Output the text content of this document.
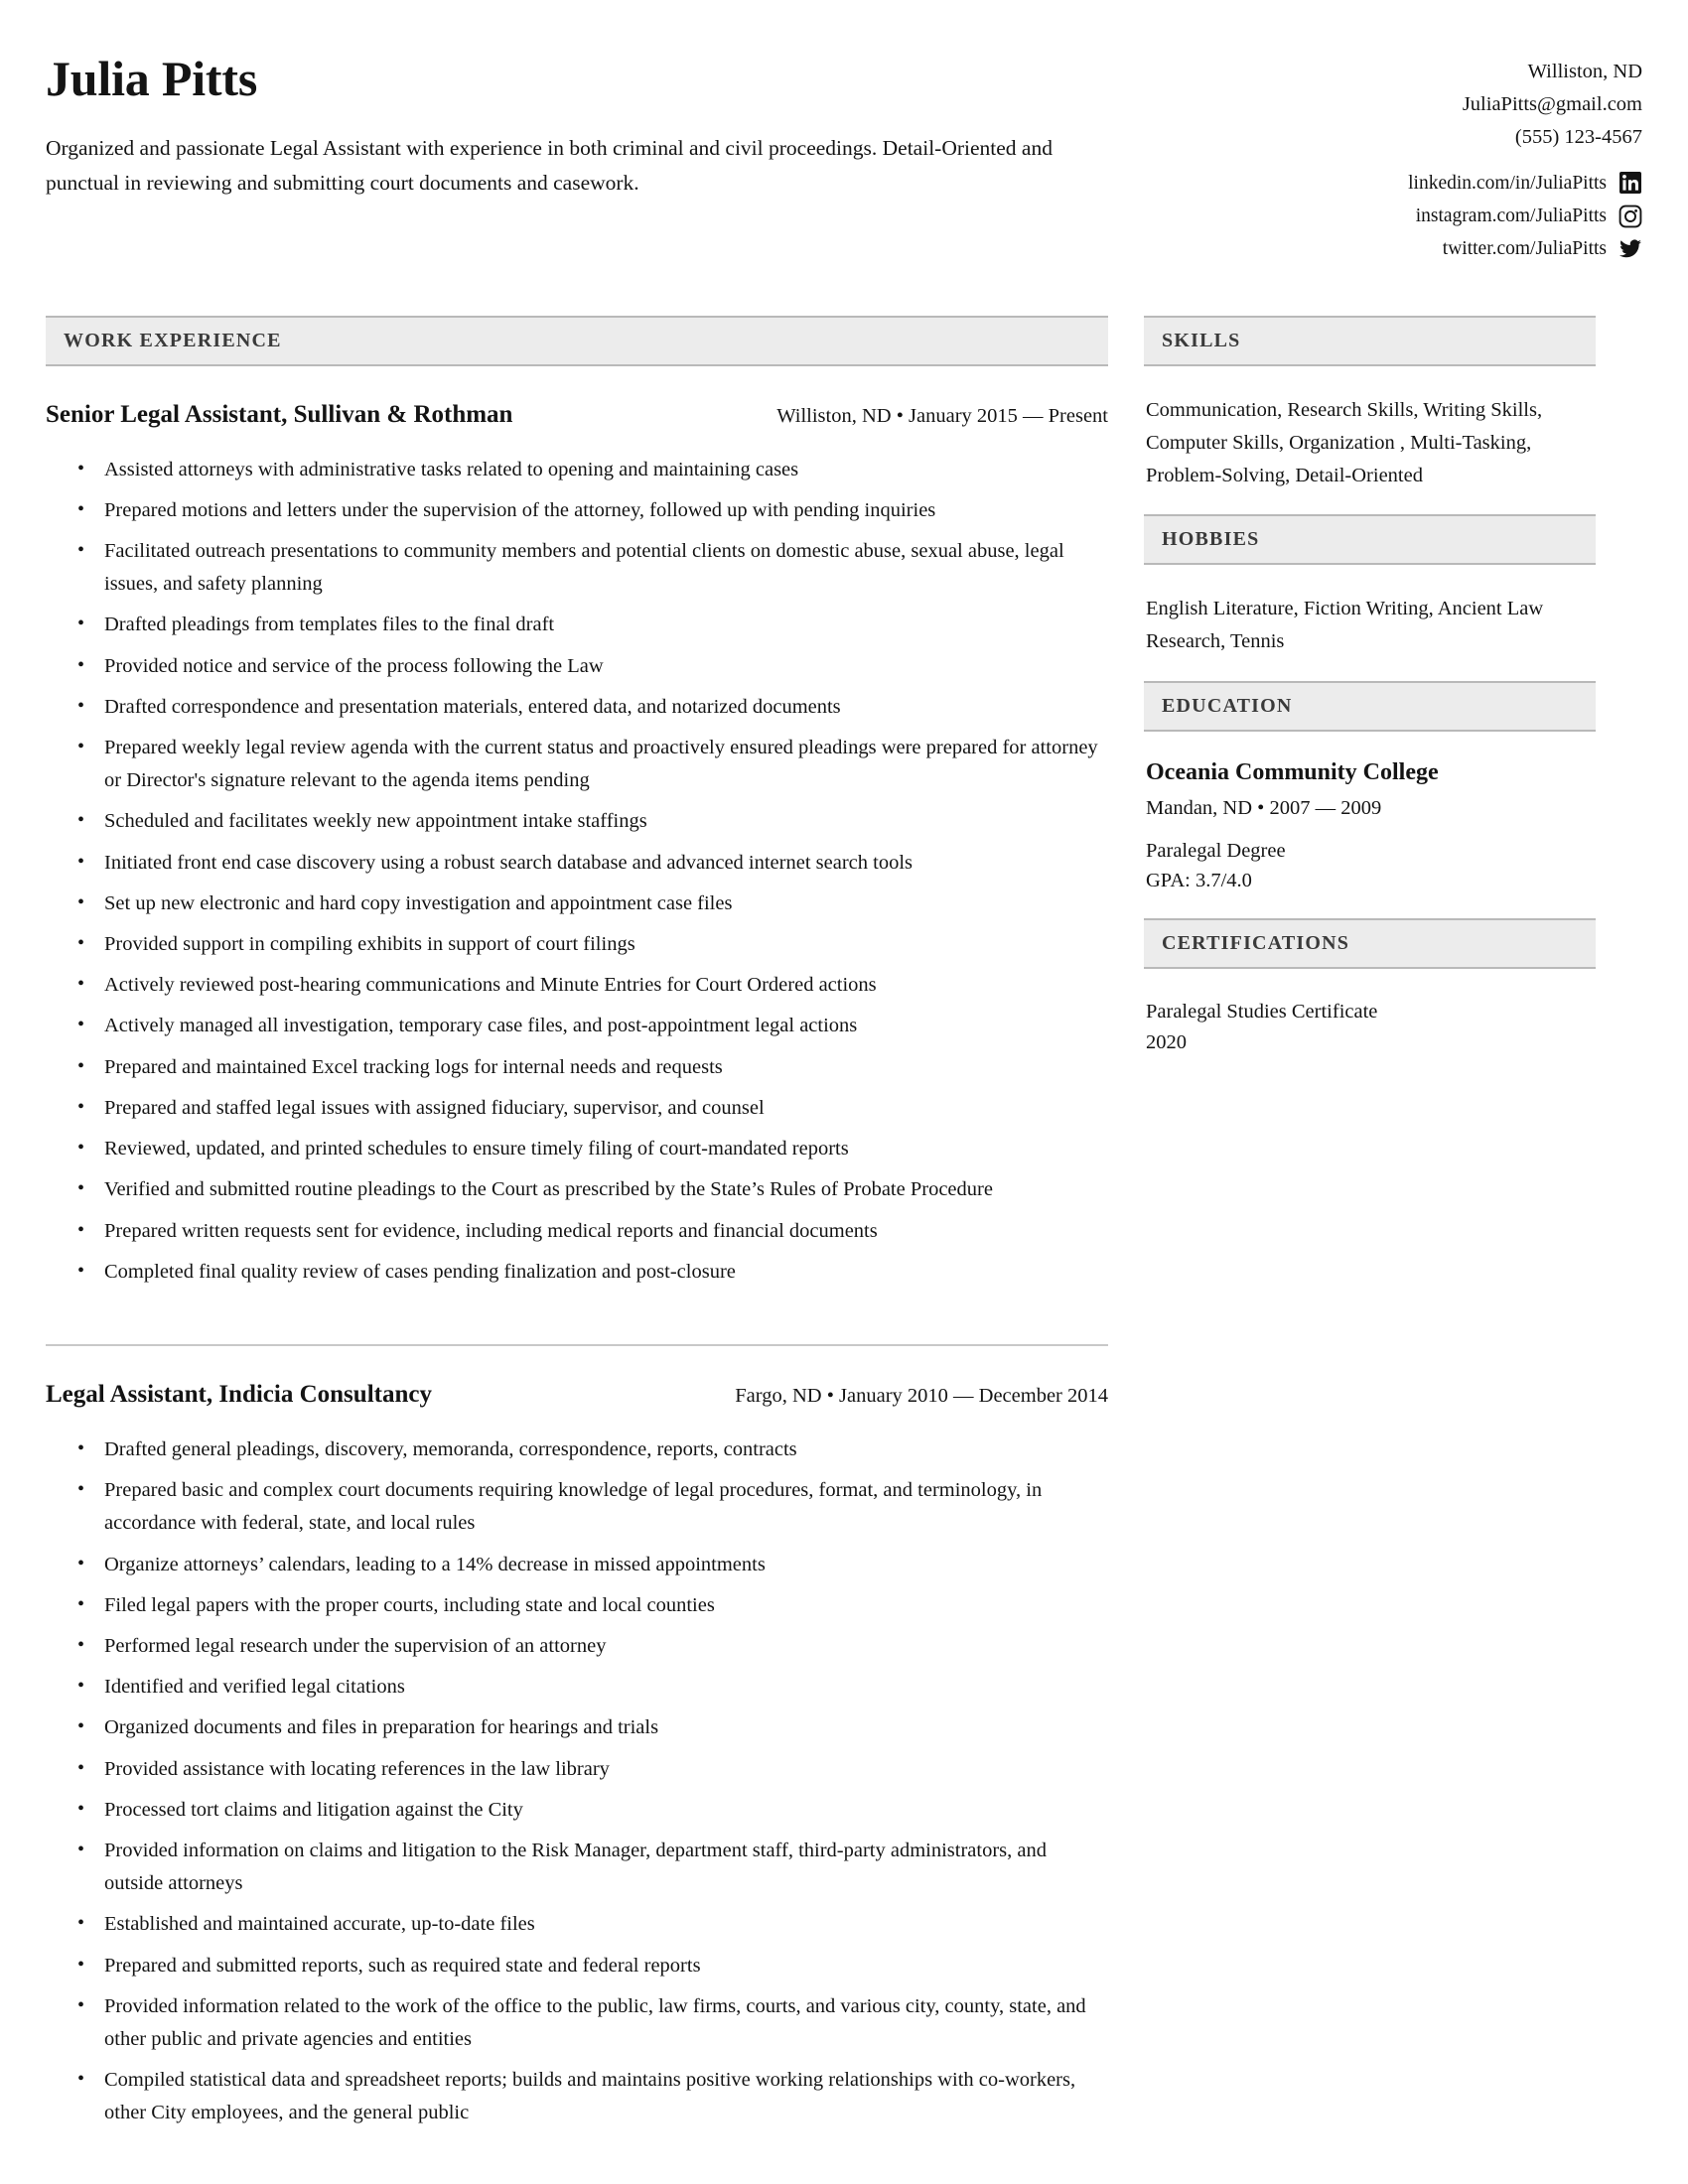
Julia Pitts

Organized and passionate Legal Assistant with experience in both criminal and civil proceedings. Detail-Oriented and punctual in reviewing and submitting court documents and casework.

Williston, ND
JuliaPitts@gmail.com
(555) 123-4567
linkedin.com/in/JuliaPitts
instagram.com/JuliaPitts
twitter.com/JuliaPitts
WORK EXPERIENCE
Senior Legal Assistant, Sullivan & Rothman	Williston, ND • January 2015 — Present
• Assisted attorneys with administrative tasks related to opening and maintaining cases
• Prepared motions and letters under the supervision of the attorney, followed up with pending inquiries
• Facilitated outreach presentations to community members and potential clients on domestic abuse, sexual abuse, legal issues, and safety planning
• Drafted pleadings from templates files to the final draft
• Provided notice and service of the process following the Law
• Drafted correspondence and presentation materials, entered data, and notarized documents
• Prepared weekly legal review agenda with the current status and proactively ensured pleadings were prepared for attorney or Director's signature relevant to the agenda items pending
• Scheduled and facilitates weekly new appointment intake staffings
• Initiated front end case discovery using a robust search database and advanced internet search tools
• Set up new electronic and hard copy investigation and appointment case files
• Provided support in compiling exhibits in support of court filings
• Actively reviewed post-hearing communications and Minute Entries for Court Ordered actions
• Actively managed all investigation, temporary case files, and post-appointment legal actions
• Prepared and maintained Excel tracking logs for internal needs and requests
• Prepared and staffed legal issues with assigned fiduciary, supervisor, and counsel
• Reviewed, updated, and printed schedules to ensure timely filing of court-mandated reports
• Verified and submitted routine pleadings to the Court as prescribed by the State’s Rules of Probate Procedure
• Prepared written requests sent for evidence, including medical reports and financial documents
• Completed final quality review of cases pending finalization and post-closure
Legal Assistant, Indicia Consultancy	Fargo, ND • January 2010 — December 2014
• Drafted general pleadings, discovery, memoranda, correspondence, reports, contracts
• Prepared basic and complex court documents requiring knowledge of legal procedures, format, and terminology, in accordance with federal, state, and local rules
• Organize attorneys’ calendars, leading to a 14% decrease in missed appointments
• Filed legal papers with the proper courts, including state and local counties
• Performed legal research under the supervision of an attorney
• Identified and verified legal citations
• Organized documents and files in preparation for hearings and trials
• Provided assistance with locating references in the law library
• Processed tort claims and litigation against the City
• Provided information on claims and litigation to the Risk Manager, department staff, third-party administrators, and outside attorneys
• Established and maintained accurate, up-to-date files
• Prepared and submitted reports, such as required state and federal reports
• Provided information related to the work of the office to the public, law firms, courts, and various city, county, state, and other public and private agencies and entities
• Compiled statistical data and spreadsheet reports; builds and maintains positive working relationships with co-workers, other City employees, and the general public
SKILLS
Communication, Research Skills, Writing Skills, Computer Skills, Organization , Multi-Tasking, Problem-Solving, Detail-Oriented
HOBBIES
English Literature, Fiction Writing, Ancient Law Research, Tennis
EDUCATION
Oceania Community College
Mandan, ND • 2007 — 2009
Paralegal Degree
GPA: 3.7/4.0
CERTIFICATIONS
Paralegal Studies Certificate
2020
